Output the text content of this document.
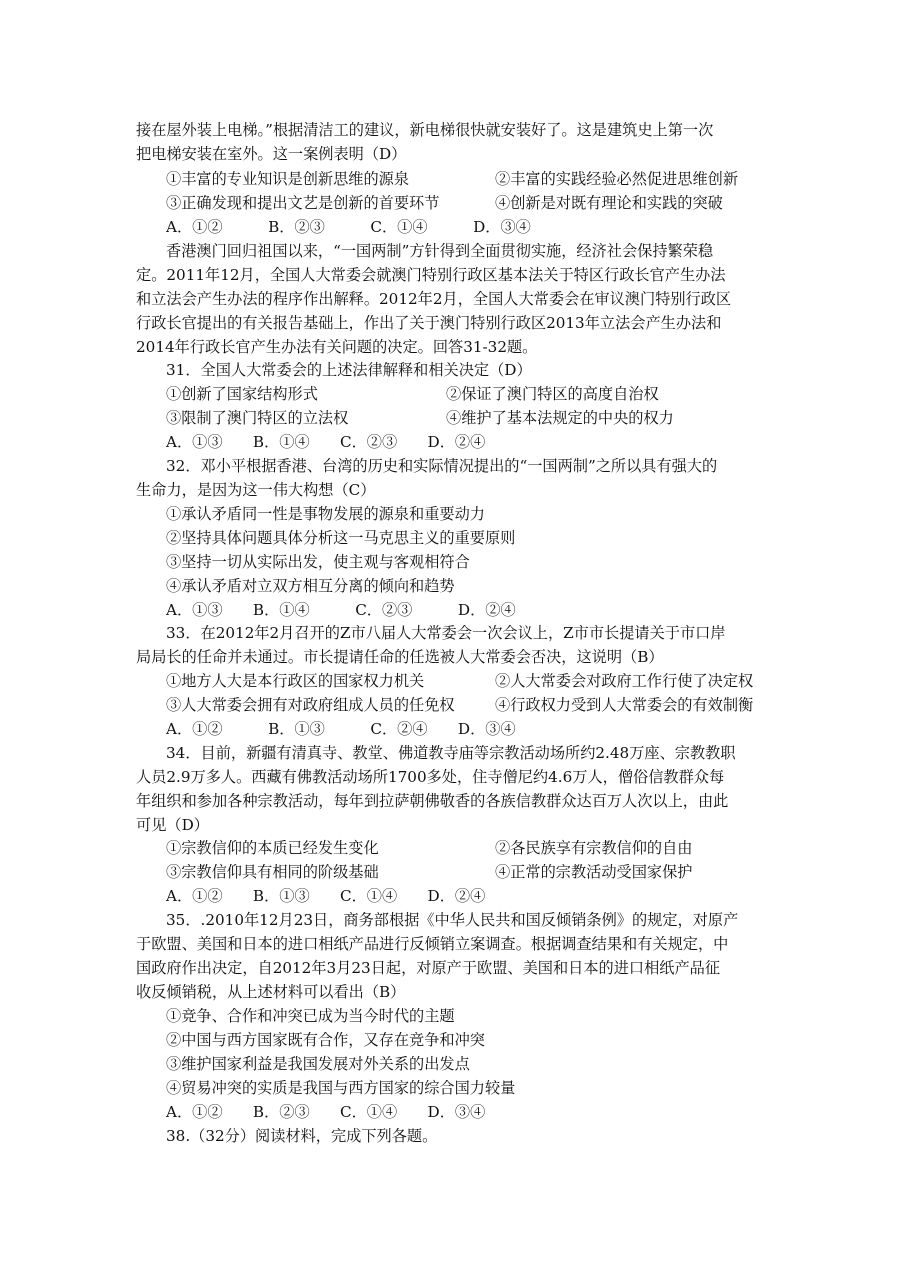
接在屋外装上电梯。”根据清洁工的建议，新电梯很快就安装好了。这是建筑史上第一次
把电梯安装在室外。这一案例表明（D）
①丰富的专业知识是创新思维的源泉	②丰富的实践经验必然促进思维创新
③正确发现和提出文艺是创新的首要环节	④创新是对既有理论和实践的突破
A．①②　　　B．②③　　　C．①④　　　D．③④
香港澳门回归祖国以来，“一国两制”方针得到全面贯彻实施，经济社会保持繁荣稳
定。2011年12月，全国人大常委会就澳门特别行政区基本法关于特区行政长官产生办法
和立法会产生办法的程序作出解释。2012年2月，全国人大常委会在审议澳门特别行政区
行政长官提出的有关报告基础上，作出了关于澳门特别行政区2013年立法会产生办法和
2014年行政长官产生办法有关问题的决定。回答31-32题。
31．全国人大常委会的上述法律解释和相关决定（D）
①创新了国家结构形式	②保证了澳门特区的高度自治权
③限制了澳门特区的立法权	④维护了基本法规定的中央的权力
A．①③　　B．①④　　C．②③　　D．②④
32．邓小平根据香港、台湾的历史和实际情况提出的“一国两制”之所以具有强大的
生命力，是因为这一伟大构想（C）
①承认矛盾同一性是事物发展的源泉和重要动力
②坚持具体问题具体分析这一马克思主义的重要原则
③坚持一切从实际出发，使主观与客观相符合
④承认矛盾对立双方相互分离的倾向和趋势
A．①③　　B．①④　　　C．②③　　　D．②④
33．在2012年2月召开的Z市八届人大常委会一次会议上，Z市市长提请关于市口岸
局局长的任命并未通过。市长提请任命的任选被人大常委会否决，这说明（B）
①地方人大是本行政区的国家权力机关	②人大常委会对政府工作行使了决定权
③人大常委会拥有对政府组成人员的任免权	④行政权力受到人大常委会的有效制衡
A．①②　　　B．①③　　　C．②④　　D．③④
34．目前，新疆有清真寺、教堂、佛道教寺庙等宗教活动场所约2.48万座、宗教教职
人员2.9万多人。西藏有佛教活动场所1700多处，住寺僧尼约4.6万人，僧俗信教群众每
年组织和参加各种宗教活动，每年到拉萨朝佛敬香的各族信教群众达百万人次以上，由此
可见（D）
①宗教信仰的本质已经发生变化	②各民族享有宗教信仰的自由
③宗教信仰具有相同的阶级基础	④正常的宗教活动受国家保护
A．①②　　B．①③　　C．①④　　D．②④
35．.2010年12月23日，商务部根据《中华人民共和国反倾销条例》的规定，对原产
于欧盟、美国和日本的进口相纸产品进行反倾销立案调查。根据调查结果和有关规定，中
国政府作出决定，自2012年3月23日起，对原产于欧盟、美国和日本的进口相纸产品征
收反倾销税，从上述材料可以看出（B）
①竞争、合作和冲突已成为当今时代的主题
②中国与西方国家既有合作，又存在竞争和冲突
③维护国家利益是我国发展对外关系的出发点
④贸易冲突的实质是我国与西方国家的综合国力较量
A．①②　　B．②③　　C．①④　　D．③④
38.（32分）阅读材料，完成下列各题。
